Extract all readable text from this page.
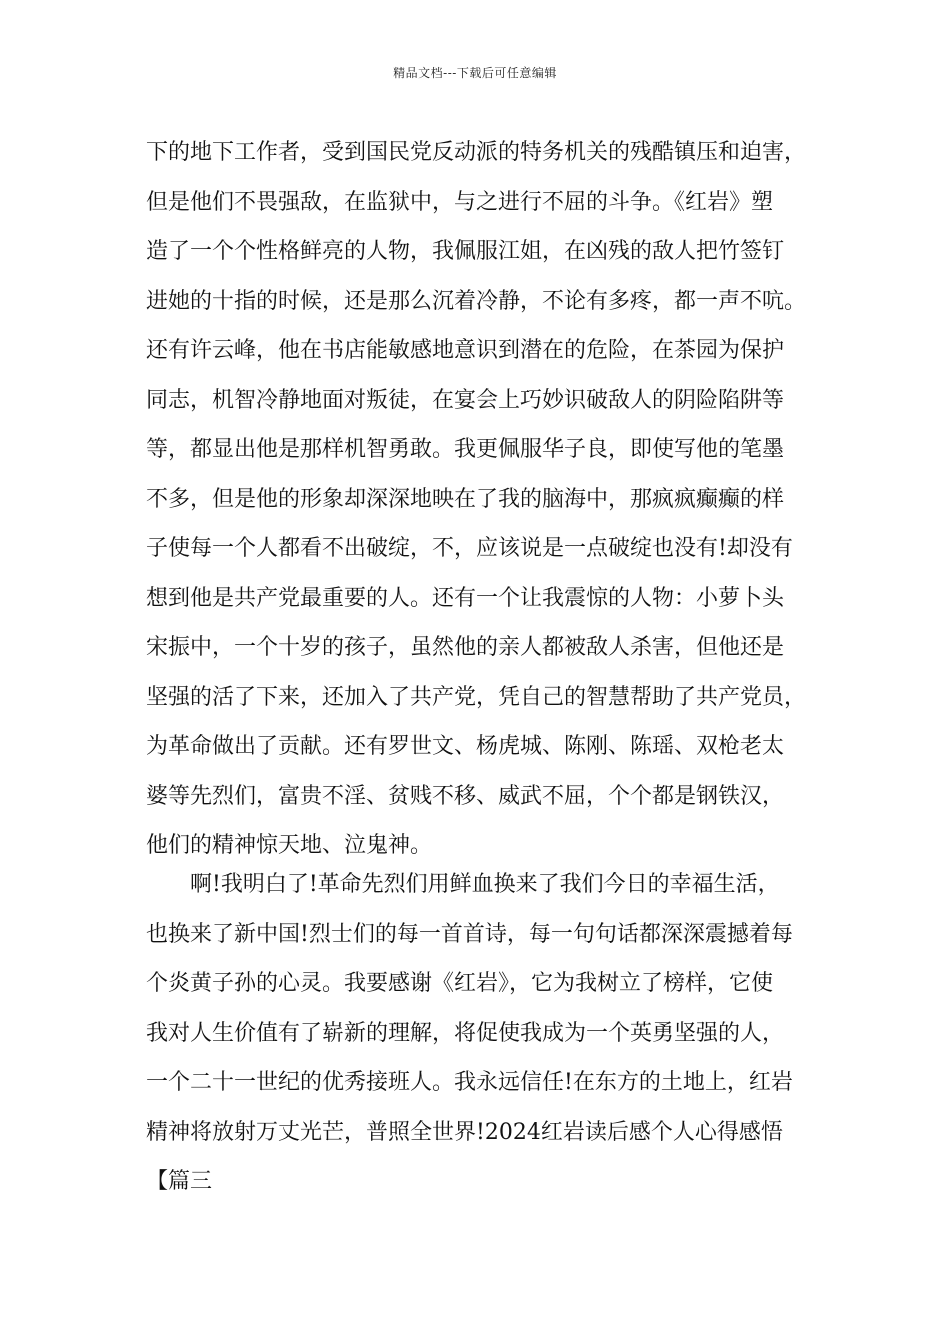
精品文档---下载后可任意编辑
下的地下工作者，受到国民党反动派的特务机关的残酷镇压和迫害，
但是他们不畏强敌，在监狱中，与之进行不屈的斗争。《红岩》塑
造了一个个性格鲜亮的人物，我佩服江姐，在凶残的敌人把竹签钉
进她的十指的时候，还是那么沉着冷静，不论有多疼，都一声不吭。
还有许云峰，他在书店能敏感地意识到潜在的危险，在茶园为保护
同志，机智冷静地面对叛徒，在宴会上巧妙识破敌人的阴险陷阱等
等，都显出他是那样机智勇敢。我更佩服华子良，即使写他的笔墨
不多，但是他的形象却深深地映在了我的脑海中，那疯疯癫癫的样
子使每一个人都看不出破绽，不，应该说是一点破绽也没有!却没有
想到他是共产党最重要的人。还有一个让我震惊的人物：小萝卜头
宋振中，一个十岁的孩子，虽然他的亲人都被敌人杀害，但他还是
坚强的活了下来，还加入了共产党，凭自己的智慧帮助了共产党员，
为革命做出了贡献。还有罗世文、杨虎城、陈刚、陈瑶、双枪老太
婆等先烈们，富贵不淫、贫贱不移、威武不屈，个个都是钢铁汉，
他们的精神惊天地、泣鬼神。
　　啊!我明白了!革命先烈们用鲜血换来了我们今日的幸福生活，
也换来了新中国!烈士们的每一首首诗，每一句句话都深深震撼着每
个炎黄子孙的心灵。我要感谢《红岩》，它为我树立了榜样，它使
我对人生价值有了崭新的理解，将促使我成为一个英勇坚强的人，
一个二十一世纪的优秀接班人。我永远信任!在东方的土地上，红岩
精神将放射万丈光芒，普照全世界!2024红岩读后感个人心得感悟
【篇三
